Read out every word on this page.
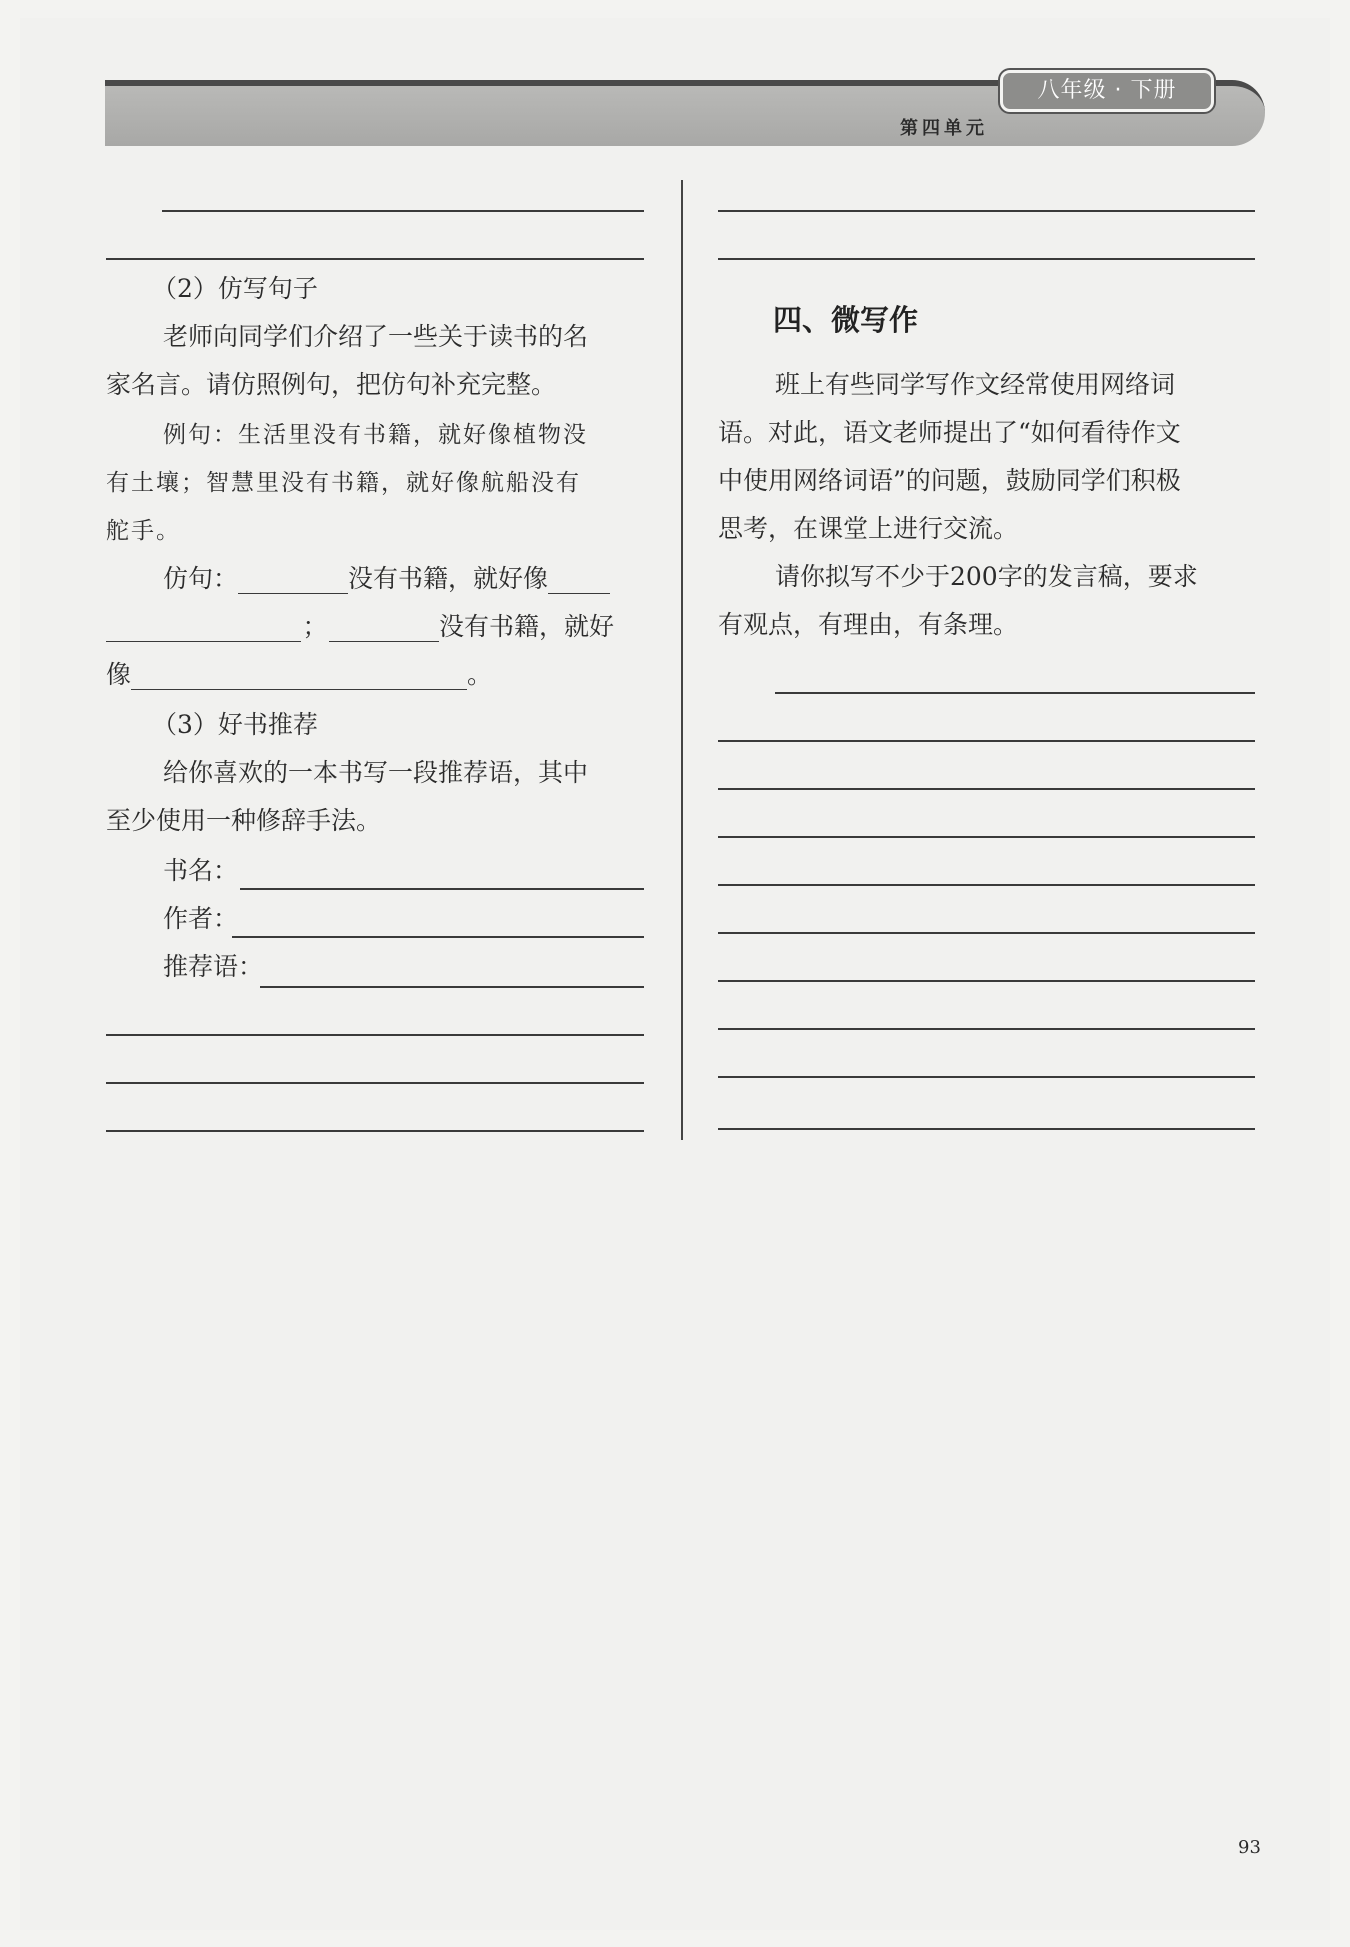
八年级 · 下册
第四单元
（2）仿写句子
老师向同学们介绍了一些关于读书的名
家名言。请仿照例句，把仿句补充完整。
例句：生活里没有书籍，就好像植物没
有土壤；智慧里没有书籍，就好像航船没有
舵手。
仿句：	没有书籍，就好像
；	没有书籍，就好
像	。
（3）好书推荐
给你喜欢的一本书写一段推荐语，其中
至少使用一种修辞手法。
书名：
作者：
推荐语：
四、微写作
班上有些同学写作文经常使用网络词
语。对此，语文老师提出了“如何看待作文
中使用网络词语”的问题，鼓励同学们积极
思考，在课堂上进行交流。
请你拟写不少于200字的发言稿，要求
有观点，有理由，有条理。
93
